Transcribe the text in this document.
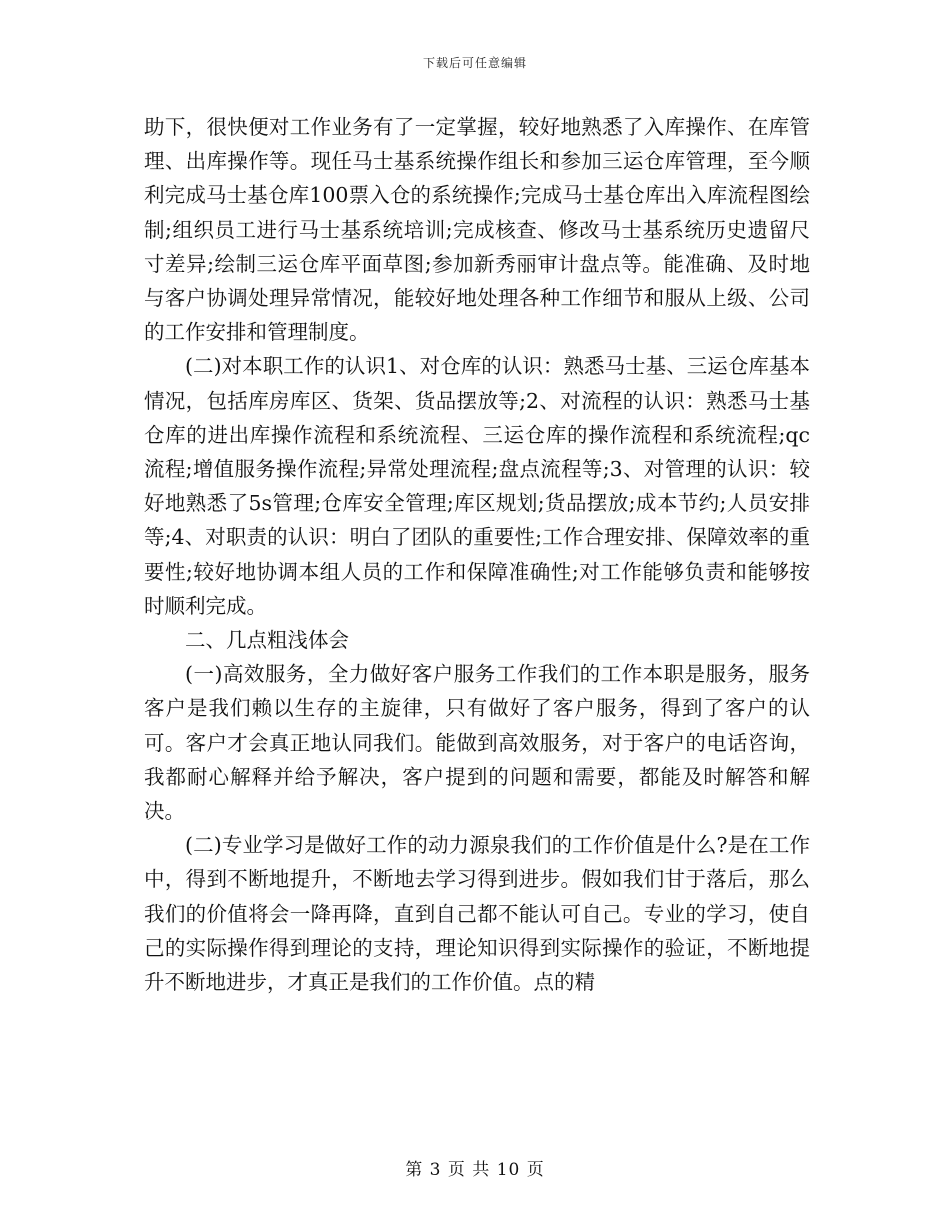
下载后可任意编辑

助下，很快便对工作业务有了一定掌握，较好地熟悉了入库操作、在库管理、出库操作等。现任马士基系统操作组长和参加三运仓库管理，至今顺利完成马士基仓库100票入仓的系统操作;完成马士基仓库出入库流程图绘制;组织员工进行马士基系统培训;完成核查、修改马士基系统历史遗留尺寸差异;绘制三运仓库平面草图;参加新秀丽审计盘点等。能准确、及时地与客户协调处理异常情况，能较好地处理各种工作细节和服从上级、公司的工作安排和管理制度。

(二)对本职工作的认识1、对仓库的认识：熟悉马士基、三运仓库基本情况，包括库房库区、货架、货品摆放等;2、对流程的认识：熟悉马士基仓库的进出库操作流程和系统流程、三运仓库的操作流程和系统流程;qc流程;增值服务操作流程;异常处理流程;盘点流程等;3、对管理的认识：较好地熟悉了5s管理;仓库安全管理;库区规划;货品摆放;成本节约;人员安排等;4、对职责的认识：明白了团队的重要性;工作合理安排、保障效率的重要性;较好地协调本组人员的工作和保障准确性;对工作能够负责和能够按时顺利完成。

二、几点粗浅体会

(一)高效服务，全力做好客户服务工作我们的工作本职是服务，服务客户是我们赖以生存的主旋律，只有做好了客户服务，得到了客户的认可。客户才会真正地认同我们。能做到高效服务，对于客户的电话咨询，我都耐心解释并给予解决，客户提到的问题和需要，都能及时解答和解决。

(二)专业学习是做好工作的动力源泉我们的工作价值是什么?是在工作中，得到不断地提升，不断地去学习得到进步。假如我们甘于落后，那么我们的价值将会一降再降，直到自己都不能认可自己。专业的学习，使自己的实际操作得到理论的支持，理论知识得到实际操作的验证，不断地提升不断地进步，才真正是我们的工作价值。点的精

第 3 页 共 10 页
